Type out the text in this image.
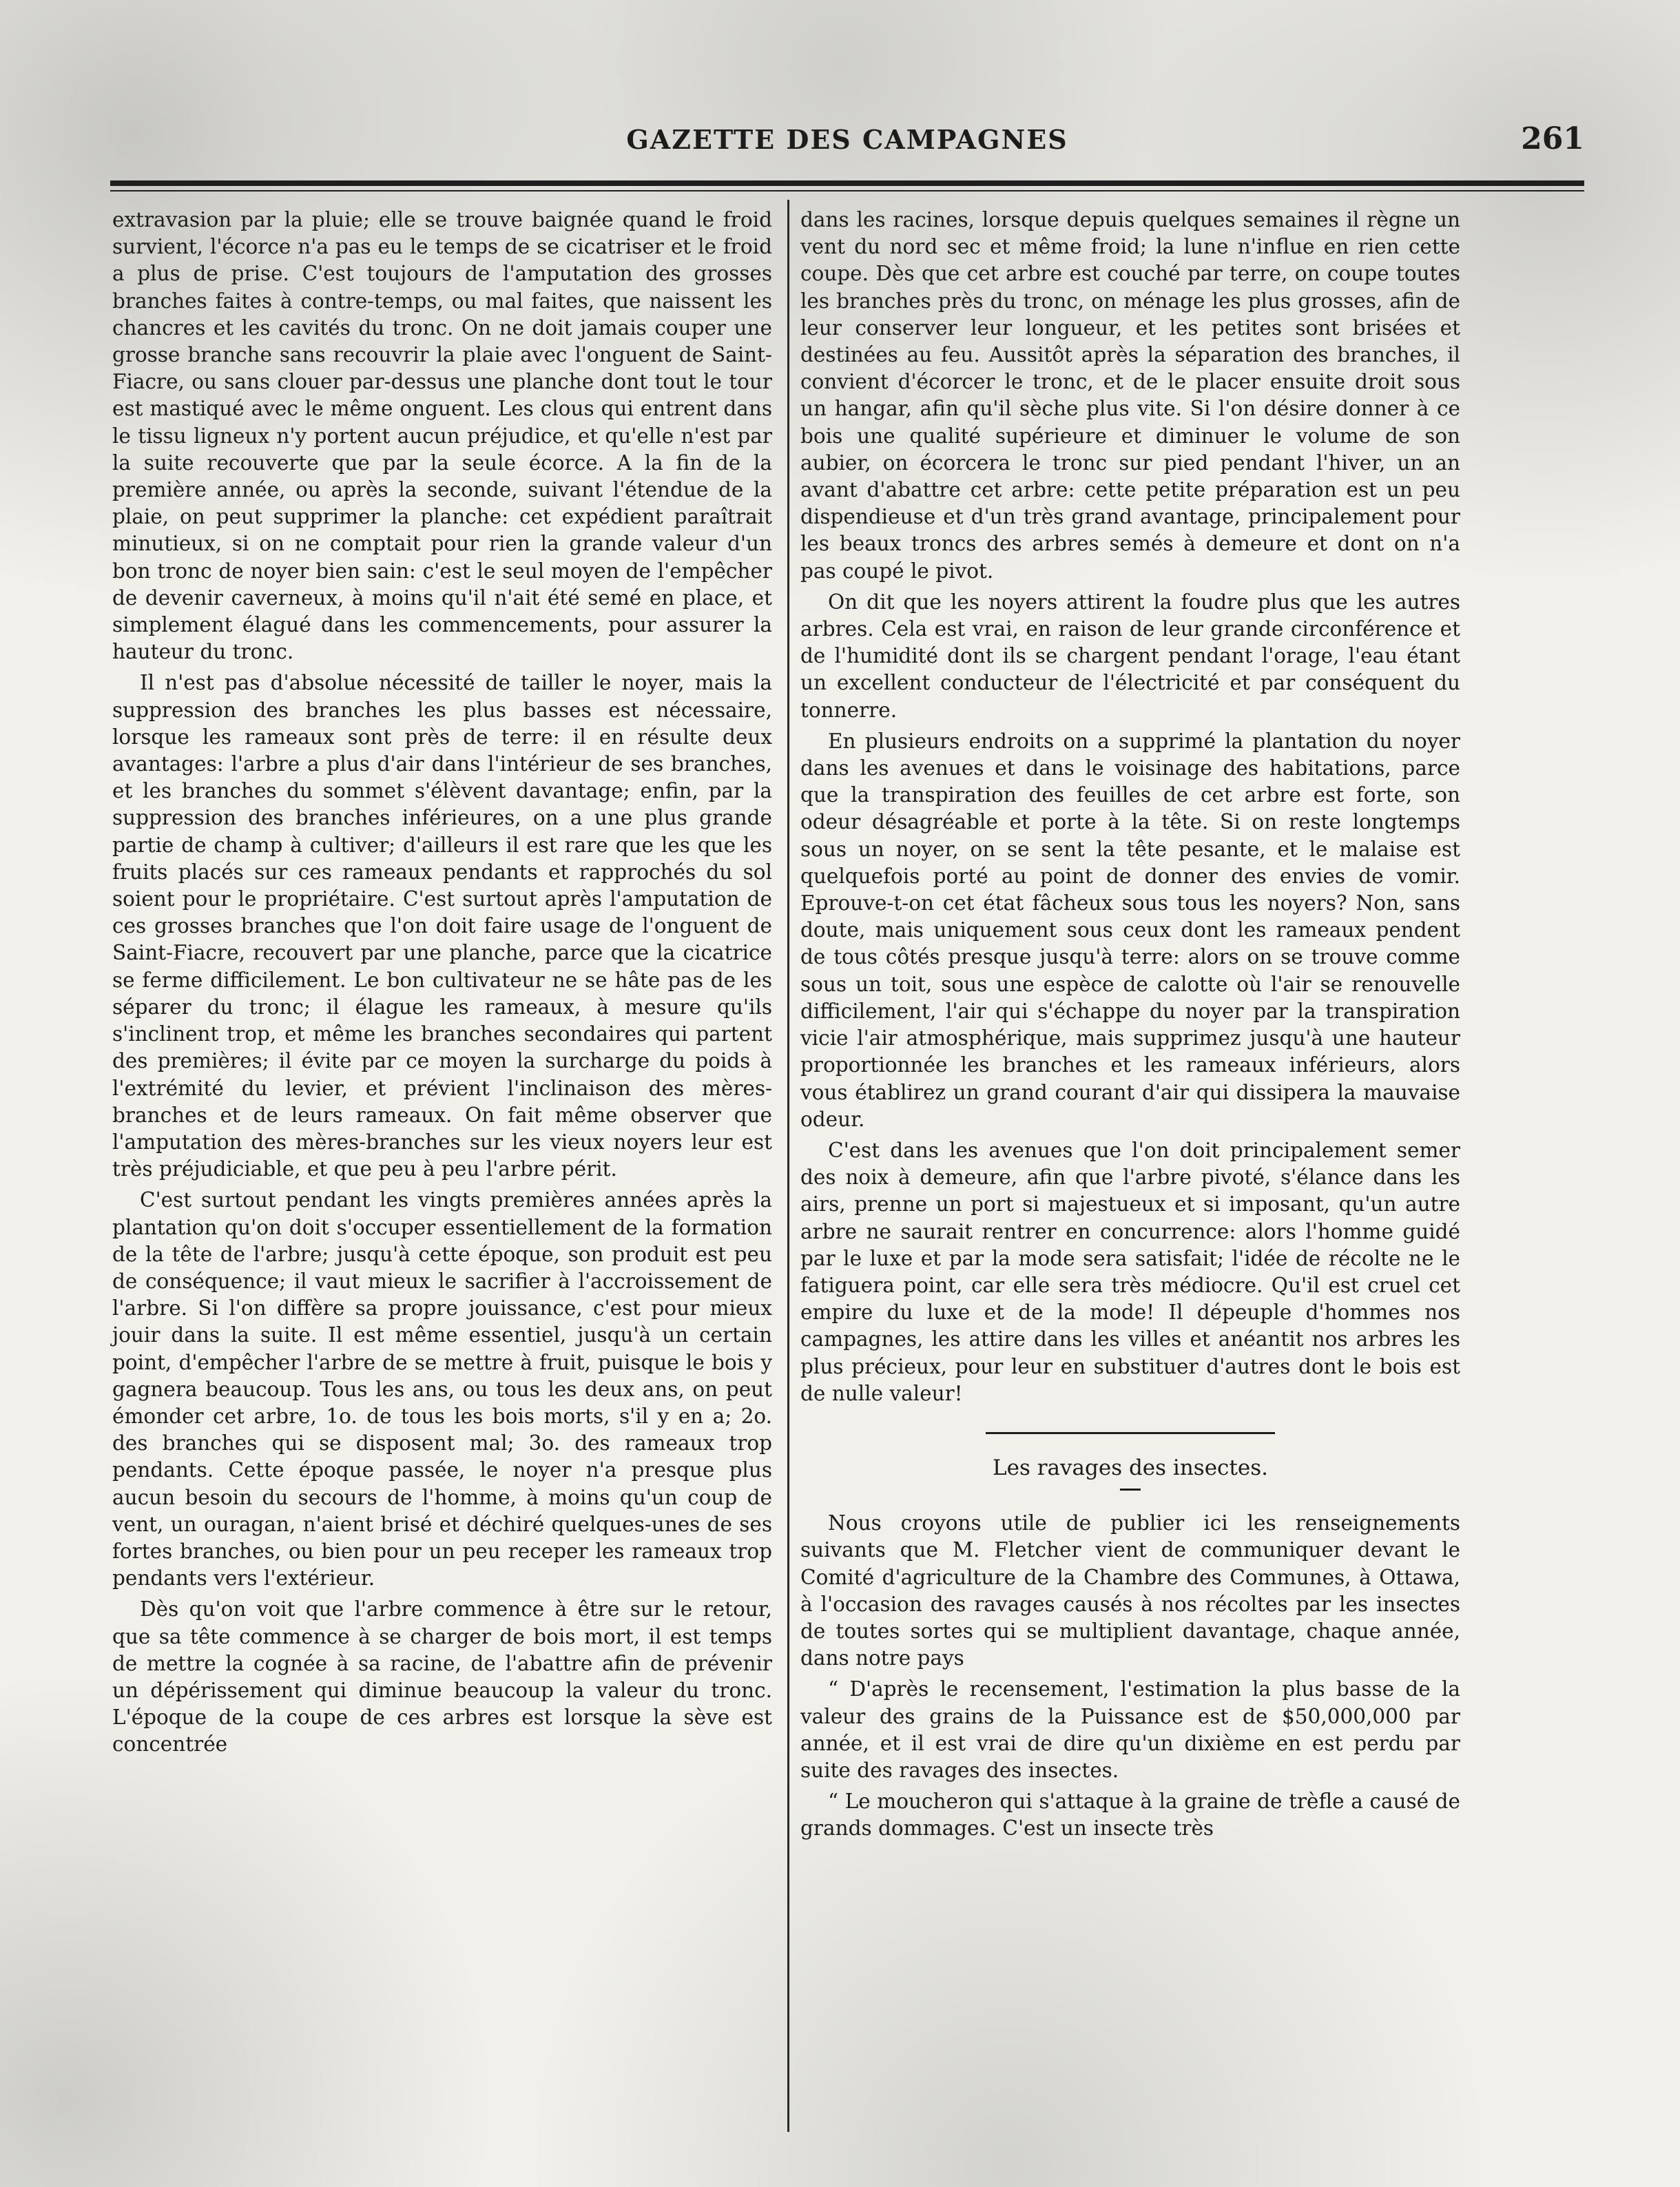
GAZETTE DES CAMPAGNES	261

extravasion par la pluie; elle se trouve baignée quand le froid survient, l'écorce n'a pas eu le temps de se cicatriser et le froid a plus de prise. C'est toujours de l'amputation des grosses branches faites à contre-temps, ou mal faites, que naissent les chancres et les cavités du tronc. On ne doit jamais couper une grosse branche sans recouvrir la plaie avec l'onguent de Saint-Fiacre, ou sans clouer par-dessus une planche dont tout le tour est mastiqué avec le même onguent. Les clous qui entrent dans le tissu ligneux n'y portent aucun préjudice, et qu'elle n'est par la suite recouverte que par la seule écorce. A la fin de la première année, ou après la seconde, suivant l'étendue de la plaie, on peut supprimer la planche: cet expédient paraîtrait minutieux, si on ne comptait pour rien la grande valeur d'un bon tronc de noyer bien sain: c'est le seul moyen de l'empêcher de devenir caverneux, à moins qu'il n'ait été semé en place, et simplement élagué dans les commencements, pour assurer la hauteur du tronc.

Il n'est pas d'absolue nécessité de tailler le noyer, mais la suppression des branches les plus basses est nécessaire, lorsque les rameaux sont près de terre: il en résulte deux avantages: l'arbre a plus d'air dans l'intérieur de ses branches, et les branches du sommet s'élèvent davantage; enfin, par la suppression des branches inférieures, on a une plus grande partie de champ à cultiver; d'ailleurs il est rare que les que les fruits placés sur ces rameaux pendants et rapprochés du sol soient pour le propriétaire. C'est surtout après l'amputation de ces grosses branches que l'on doit faire usage de l'onguent de Saint-Fiacre, recouvert par une planche, parce que la cicatrice se ferme difficilement. Le bon cultivateur ne se hâte pas de les séparer du tronc; il élague les rameaux, à mesure qu'ils s'inclinent trop, et même les branches secondaires qui partent des premières; il évite par ce moyen la surcharge du poids à l'extrémité du levier, et prévient l'inclinaison des mères-branches et de leurs rameaux. On fait même observer que l'amputation des mères-branches sur les vieux noyers leur est très préjudiciable, et que peu à peu l'arbre périt.

C'est surtout pendant les vingts premières années après la plantation qu'on doit s'occuper essentiellement de la formation de la tête de l'arbre; jusqu'à cette époque, son produit est peu de conséquence; il vaut mieux le sacrifier à l'accroissement de l'arbre. Si l'on diffère sa propre jouissance, c'est pour mieux jouir dans la suite. Il est même essentiel, jusqu'à un certain point, d'empêcher l'arbre de se mettre à fruit, puisque le bois y gagnera beaucoup. Tous les ans, ou tous les deux ans, on peut émonder cet arbre, 1o. de tous les bois morts, s'il y en a; 2o. des branches qui se disposent mal; 3o. des rameaux trop pendants. Cette époque passée, le noyer n'a presque plus aucun besoin du secours de l'homme, à moins qu'un coup de vent, un ouragan, n'aient brisé et déchiré quelques-unes de ses fortes branches, ou bien pour un peu receper les rameaux trop pendants vers l'extérieur.

Dès qu'on voit que l'arbre commence à être sur le retour, que sa tête commence à se charger de bois mort, il est temps de mettre la cognée à sa racine, de l'abattre afin de prévenir un dépérissement qui diminue beaucoup la valeur du tronc. L'époque de la coupe de ces arbres est lorsque la sève est concentrée

dans les racines, lorsque depuis quelques semaines il règne un vent du nord sec et même froid; la lune n'influe en rien cette coupe. Dès que cet arbre est couché par terre, on coupe toutes les branches près du tronc, on ménage les plus grosses, afin de leur conserver leur longueur, et les petites sont brisées et destinées au feu. Aussitôt après la séparation des branches, il convient d'écorcer le tronc, et de le placer ensuite droit sous un hangar, afin qu'il sèche plus vite. Si l'on désire donner à ce bois une qualité supérieure et diminuer le volume de son aubier, on écorcera le tronc sur pied pendant l'hiver, un an avant d'abattre cet arbre: cette petite préparation est un peu dispendieuse et d'un très grand avantage, principalement pour les beaux troncs des arbres semés à demeure et dont on n'a pas coupé le pivot.

On dit que les noyers attirent la foudre plus que les autres arbres. Cela est vrai, en raison de leur grande circonférence et de l'humidité dont ils se chargent pendant l'orage, l'eau étant un excellent conducteur de l'électricité et par conséquent du tonnerre.

En plusieurs endroits on a supprimé la plantation du noyer dans les avenues et dans le voisinage des habitations, parce que la transpiration des feuilles de cet arbre est forte, son odeur désagréable et porte à la tête. Si on reste longtemps sous un noyer, on se sent la tête pesante, et le malaise est quelquefois porté au point de donner des envies de vomir. Eprouve-t-on cet état fâcheux sous tous les noyers? Non, sans doute, mais uniquement sous ceux dont les rameaux pendent de tous côtés presque jusqu'à terre: alors on se trouve comme sous un toit, sous une espèce de calotte où l'air se renouvelle difficilement, l'air qui s'échappe du noyer par la transpiration vicie l'air atmosphérique, mais supprimez jusqu'à une hauteur proportionnée les branches et les rameaux inférieurs, alors vous établirez un grand courant d'air qui dissipera la mauvaise odeur.

C'est dans les avenues que l'on doit principalement semer des noix à demeure, afin que l'arbre pivoté, s'élance dans les airs, prenne un port si majestueux et si imposant, qu'un autre arbre ne saurait rentrer en concurrence: alors l'homme guidé par le luxe et par la mode sera satisfait; l'idée de récolte ne le fatiguera point, car elle sera très médiocre. Qu'il est cruel cet empire du luxe et de la mode! Il dépeuple d'hommes nos campagnes, les attire dans les villes et anéantit nos arbres les plus précieux, pour leur en substituer d'autres dont le bois est de nulle valeur!

Les ravages des insectes.

Nous croyons utile de publier ici les renseignements suivants que M. Fletcher vient de communiquer devant le Comité d'agriculture de la Chambre des Communes, à Ottawa, à l'occasion des ravages causés à nos récoltes par les insectes de toutes sortes qui se multiplient davantage, chaque année, dans notre pays

“ D'après le recensement, l'estimation la plus basse de la valeur des grains de la Puissance est de $50,000,000 par année, et il est vrai de dire qu'un dixième en est perdu par suite des ravages des insectes.

“ Le moucheron qui s'attaque à la graine de trèfle a causé de grands dommages. C'est un insecte très
